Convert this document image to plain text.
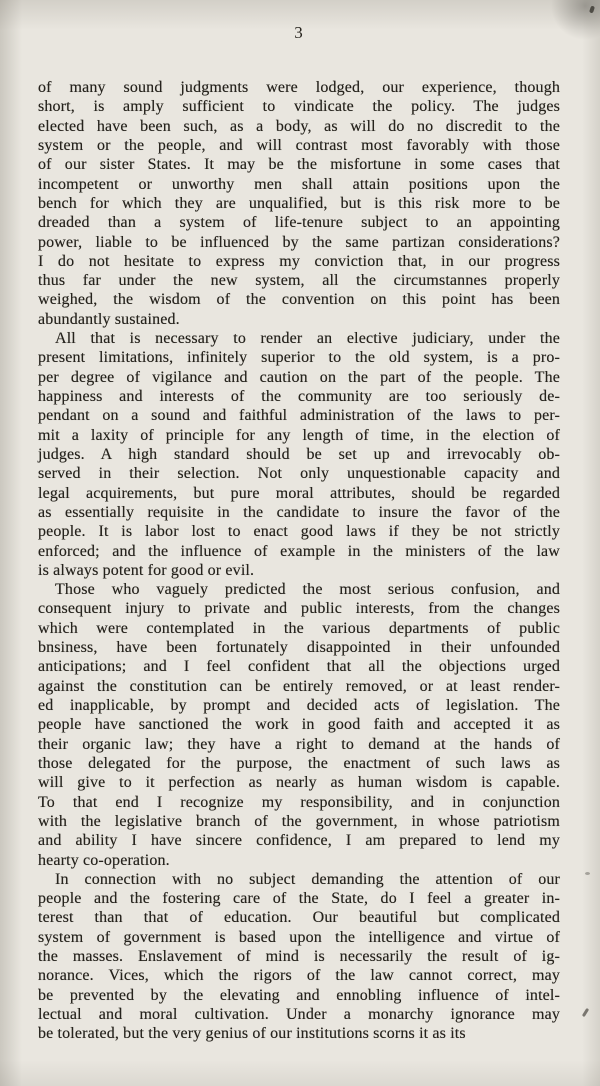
3
of many sound judgments were lodged, our experience, though
short, is amply sufficient to vindicate the policy. The judges
elected have been such, as a body, as will do no discredit to the
system or the people, and will contrast most favorably with those
of our sister States. It may be the misfortune in some cases that
incompetent or unworthy men shall attain positions upon the
bench for which they are unqualified, but is this risk more to be
dreaded than a system of life-tenure subject to an appointing
power, liable to be influenced by the same partizan considerations?
I do not hesitate to express my conviction that, in our progress
thus far under the new system, all the circumstannes properly
weighed, the wisdom of the convention on this point has been
abundantly sustained.
All that is necessary to render an elective judiciary, under the
present limitations, infinitely superior to the old system, is a pro-
per degree of vigilance and caution on the part of the people. The
happiness and interests of the community are too seriously de-
pendant on a sound and faithful administration of the laws to per-
mit a laxity of principle for any length of time, in the election of
judges. A high standard should be set up and irrevocably ob-
served in their selection. Not only unquestionable capacity and
legal acquirements, but pure moral attributes, should be regarded
as essentially requisite in the candidate to insure the favor of the
people. It is labor lost to enact good laws if they be not strictly
enforced; and the influence of example in the ministers of the law
is always potent for good or evil.
Those who vaguely predicted the most serious confusion, and
consequent injury to private and public interests, from the changes
which were contemplated in the various departments of public
bnsiness, have been fortunately disappointed in their unfounded
anticipations; and I feel confident that all the objections urged
against the constitution can be entirely removed, or at least render-
ed inapplicable, by prompt and decided acts of legislation. The
people have sanctioned the work in good faith and accepted it as
their organic law; they have a right to demand at the hands of
those delegated for the purpose, the enactment of such laws as
will give to it perfection as nearly as human wisdom is capable.
To that end I recognize my responsibility, and in conjunction
with the legislative branch of the government, in whose patriotism
and ability I have sincere confidence, I am prepared to lend my
hearty co-operation.
In connection with no subject demanding the attention of our
people and the fostering care of the State, do I feel a greater in-
terest than that of education. Our beautiful but complicated
system of government is based upon the intelligence and virtue of
the masses. Enslavement of mind is necessarily the result of ig-
norance. Vices, which the rigors of the law cannot correct, may
be prevented by the elevating and ennobling influence of intel-
lectual and moral cultivation. Under a monarchy ignorance may
be tolerated, but the very genius of our institutions scorns it as its
